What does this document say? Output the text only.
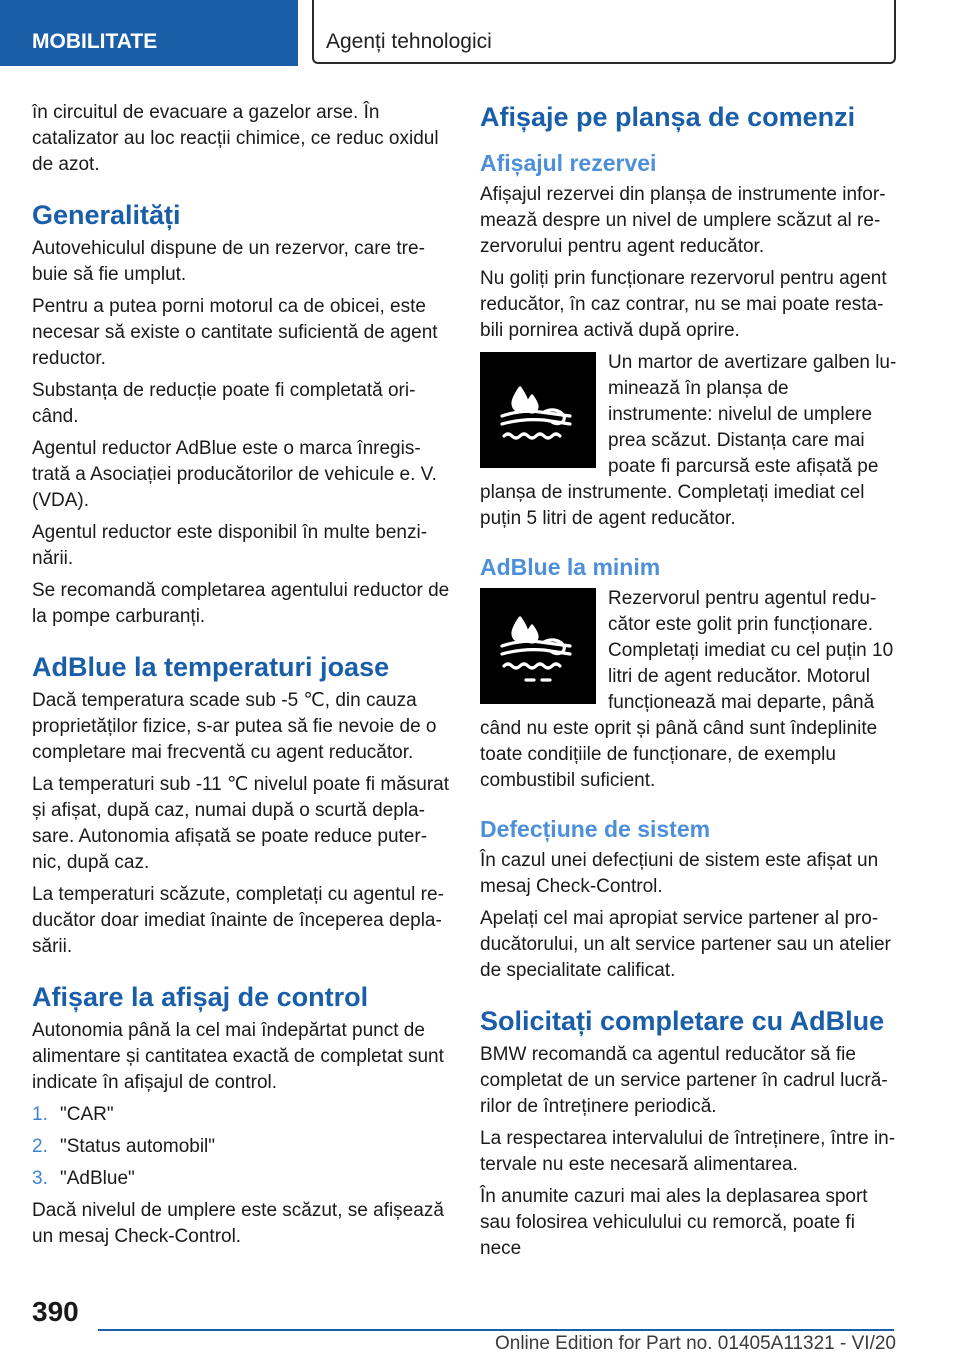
MOBILITATE	Agenți tehnologici

în circuitul de evacuare a gazelor arse. În catalizator au loc reacții chimice, ce reduc oxidul de azot.

Generalități

Autovehiculul dispune de un rezervor, care trebuie să fie umplut.

Pentru a putea porni motorul ca de obicei, este necesar să existe o cantitate suficientă de agent reductor.

Substanța de reducție poate fi completată oricând.

Agentul reductor AdBlue este o marca înregistrată a Asociației producătorilor de vehicule e. V. (VDA).

Agentul reductor este disponibil în multe benzinării.

Se recomandă completarea agentului reductor de la pompe carburanți.

AdBlue la temperaturi joase

Dacă temperatura scade sub -5 ℃, din cauza proprietăților fizice, s-ar putea să fie nevoie de o completare mai frecventă cu agent reducător.

La temperaturi sub -11 ℃ nivelul poate fi măsurat și afișat, după caz, numai după o scurtă deplasare. Autonomia afișată se poate reduce puternic, după caz.

La temperaturi scăzute, completați cu agentul reducător doar imediat înainte de începerea deplasării.

Afișare la afișaj de control

Autonomia până la cel mai îndepărtat punct de alimentare și cantitatea exactă de completat sunt indicate în afișajul de control.

1. "CAR"
2. "Status automobil"
3. "AdBlue"

Dacă nivelul de umplere este scăzut, se afișează un mesaj Check-Control.

Afișaje pe planșa de comenzi
Afișajul rezervei

Afișajul rezervei din planșa de instrumente informează despre un nivel de umplere scăzut al rezervorului pentru agent reducător.

Nu goliți prin funcționare rezervorul pentru agent reducător, în caz contrar, nu se mai poate restabili pornirea activă după oprire.

Un martor de avertizare galben luminează în planșa de instrumente: nivelul de umplere prea scăzut. Distanța care mai poate fi parcursă este afișată pe planșa de instrumente. Completați imediat cel puțin 5 litri de agent reducător.

AdBlue la minim

Rezervorul pentru agentul reducător este golit prin funcționare. Completați imediat cu cel puțin 10 litri de agent reducător. Motorul funcționează mai departe, până când nu este oprit și până când sunt îndeplinite toate condițiile de funcționare, de exemplu combustibil suficient.

Defecțiune de sistem

În cazul unei defecțiuni de sistem este afișat un mesaj Check-Control.

Apelați cel mai apropiat service partener al producătorului, un alt service partener sau un atelier de specialitate calificat.

Solicitați completare cu AdBlue

BMW recomandă ca agentul reducător să fie completat de un service partener în cadrul lucrărilor de întreținere periodică.

La respectarea intervalului de întreținere, între intervale nu este necesară alimentarea.

În anumite cazuri mai ales la deplasarea sport sau folosirea vehiculului cu remorcă, poate fi nece

390
Online Edition for Part no. 01405A11321 - VI/20
